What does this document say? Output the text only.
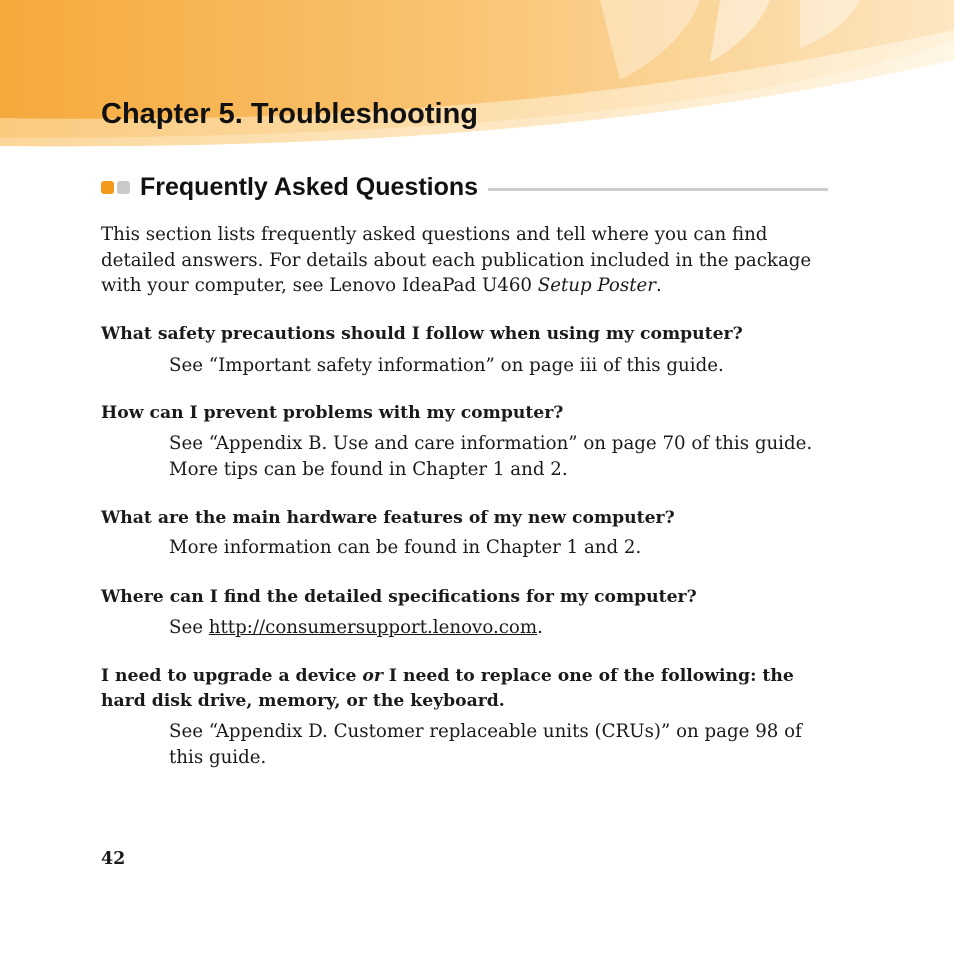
Chapter 5. Troubleshooting
Frequently Asked Questions

This section lists frequently asked questions and tell where you can find detailed answers. For details about each publication included in the package with your computer, see Lenovo IdeaPad U460 Setup Poster.

What safety precautions should I follow when using my computer?

See “Important safety information” on page iii of this guide.

How can I prevent problems with my computer?

See “Appendix B. Use and care information” on page 70 of this guide. More tips can be found in Chapter 1 and 2.

What are the main hardware features of my new computer?

More information can be found in Chapter 1 and 2.

Where can I find the detailed specifications for my computer?

See http://consumersupport.lenovo.com.

I need to upgrade a device or I need to replace one of the following: the hard disk drive, memory, or the keyboard.

See “Appendix D. Customer replaceable units (CRUs)” on page 98 of this guide.

42
